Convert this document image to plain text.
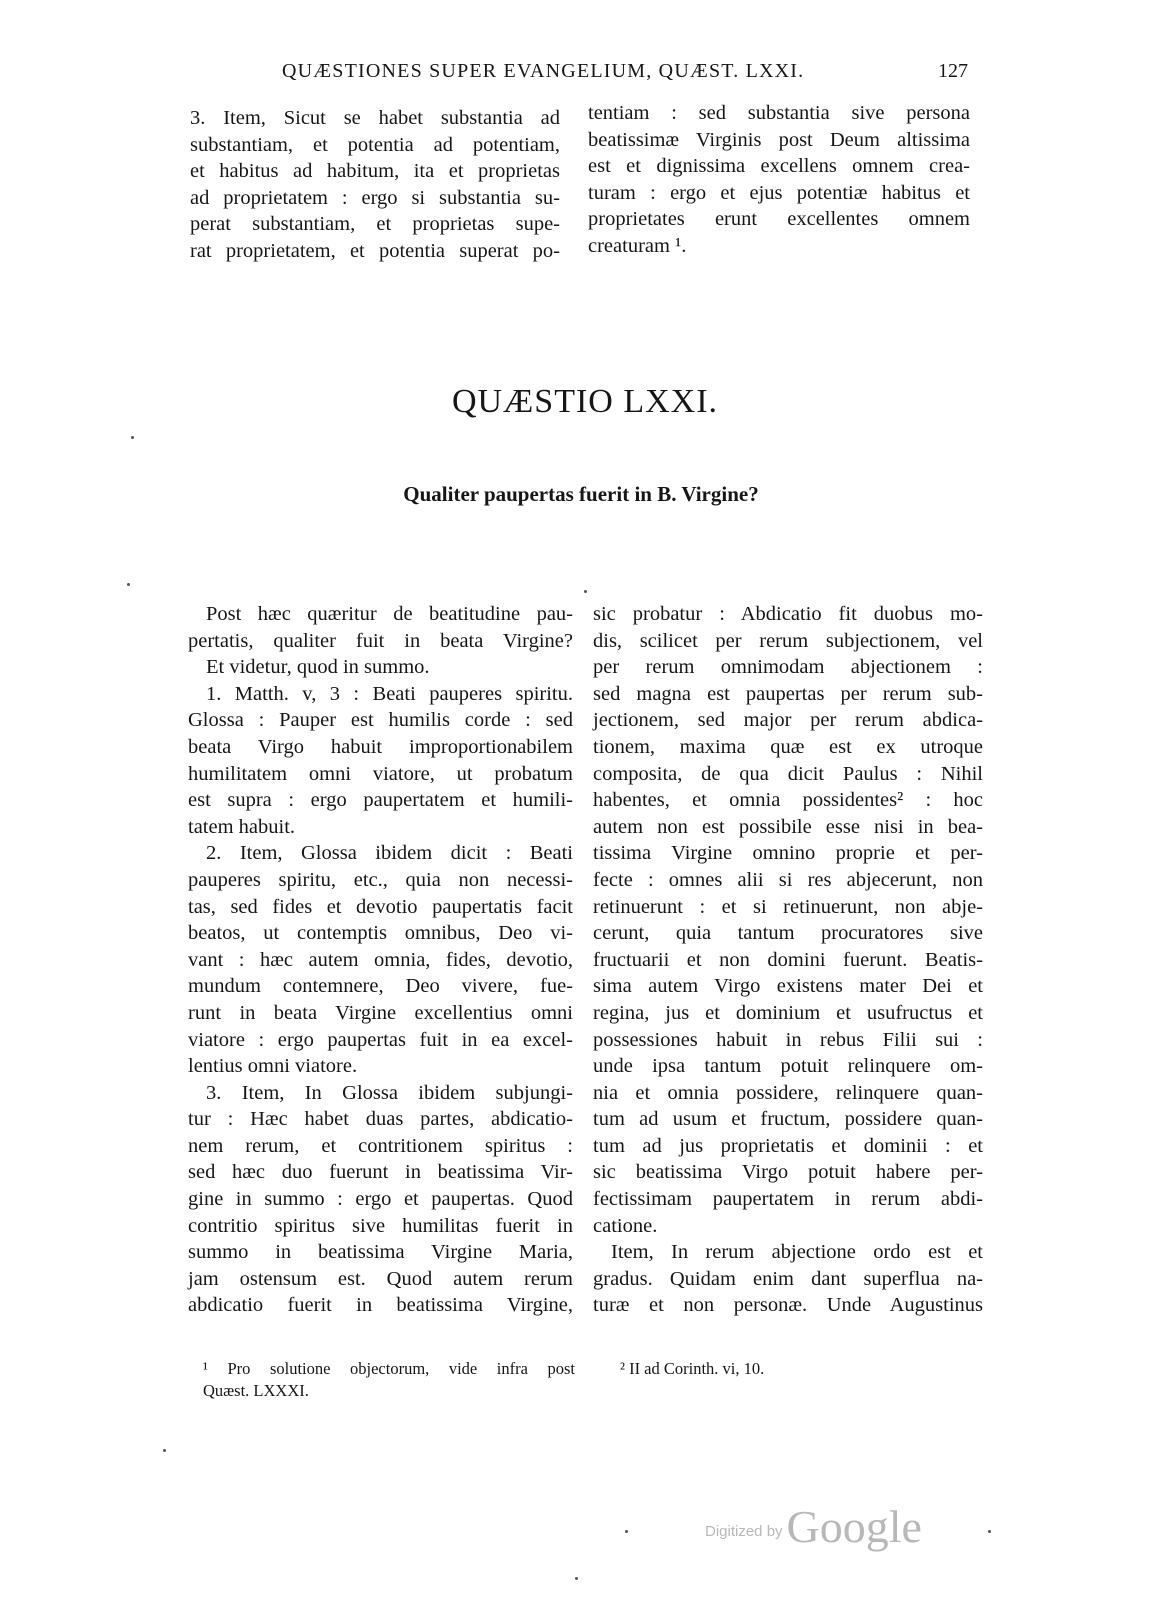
QUÆSTIONES SUPER EVANGELIUM, QUÆST. LXXI.	127
3. Item, Sicut se habet substantia ad
substantiam, et potentia ad potentiam,
et habitus ad habitum, ita et proprietas
ad proprietatem : ergo si substantia su-
perat substantiam, et proprietas supe-
rat proprietatem, et potentia superat po-
tentiam : sed substantia sive persona
beatissimæ Virginis post Deum altissima
est et dignissima excellens omnem crea-
turam : ergo et ejus potentiæ habitus et
proprietates erunt excellentes omnem
creaturam ¹.
QUÆSTIO LXXI.
Qualiter paupertas fuerit in B. Virgine?
Post hæc quæritur de beatitudine pau-
pertatis, qualiter fuit in beata Virgine?
Et videtur, quod in summo.
1. Matth. v, 3 : Beati pauperes spiritu.
Glossa : Pauper est humilis corde : sed
beata Virgo habuit improportionabilem
humilitatem omni viatore, ut probatum
est supra : ergo paupertatem et humili-
tatem habuit.
2. Item, Glossa ibidem dicit : Beati
pauperes spiritu, etc., quia non necessi-
tas, sed fides et devotio paupertatis facit
beatos, ut contemptis omnibus, Deo vi-
vant : hæc autem omnia, fides, devotio,
mundum contemnere, Deo vivere, fue-
runt in beata Virgine excellentius omni
viatore : ergo paupertas fuit in ea excel-
lentius omni viatore.
3. Item, In Glossa ibidem subjungi-
tur : Hæc habet duas partes, abdicatio-
nem rerum, et contritionem spiritus :
sed hæc duo fuerunt in beatissima Vir-
gine in summo : ergo et paupertas. Quod
contritio spiritus sive humilitas fuerit in
summo in beatissima Virgine Maria,
jam ostensum est. Quod autem rerum
abdicatio fuerit in beatissima Virgine,
sic probatur : Abdicatio fit duobus mo-
dis, scilicet per rerum subjectionem, vel
per rerum omnimodam abjectionem :
sed magna est paupertas per rerum sub-
jectionem, sed major per rerum abdica-
tionem, maxima quæ est ex utroque
composita, de qua dicit Paulus : Nihil
habentes, et omnia possidentes² : hoc
autem non est possibile esse nisi in bea-
tissima Virgine omnino proprie et per-
fecte : omnes alii si res abjecerunt, non
retinuerunt : et si retinuerunt, non abje-
cerunt, quia tantum procuratores sive
fructuarii et non domini fuerunt. Beatis-
sima autem Virgo existens mater Dei et
regina, jus et dominium et usufructus et
possessiones habuit in rebus Filii sui :
unde ipsa tantum potuit relinquere om-
nia et omnia possidere, relinquere quan-
tum ad usum et fructum, possidere quan-
tum ad jus proprietatis et dominii : et
sic beatissima Virgo potuit habere per-
fectissimam paupertatem in rerum abdi-
catione.
Item, In rerum abjectione ordo est et
gradus. Quidam enim dant superflua na-
turæ et non personæ. Unde Augustinus
¹ Pro solutione objectorum, vide infra post
Quæst. LXXXI.
² II ad Corinth. vi, 10.
Digitized by Google
